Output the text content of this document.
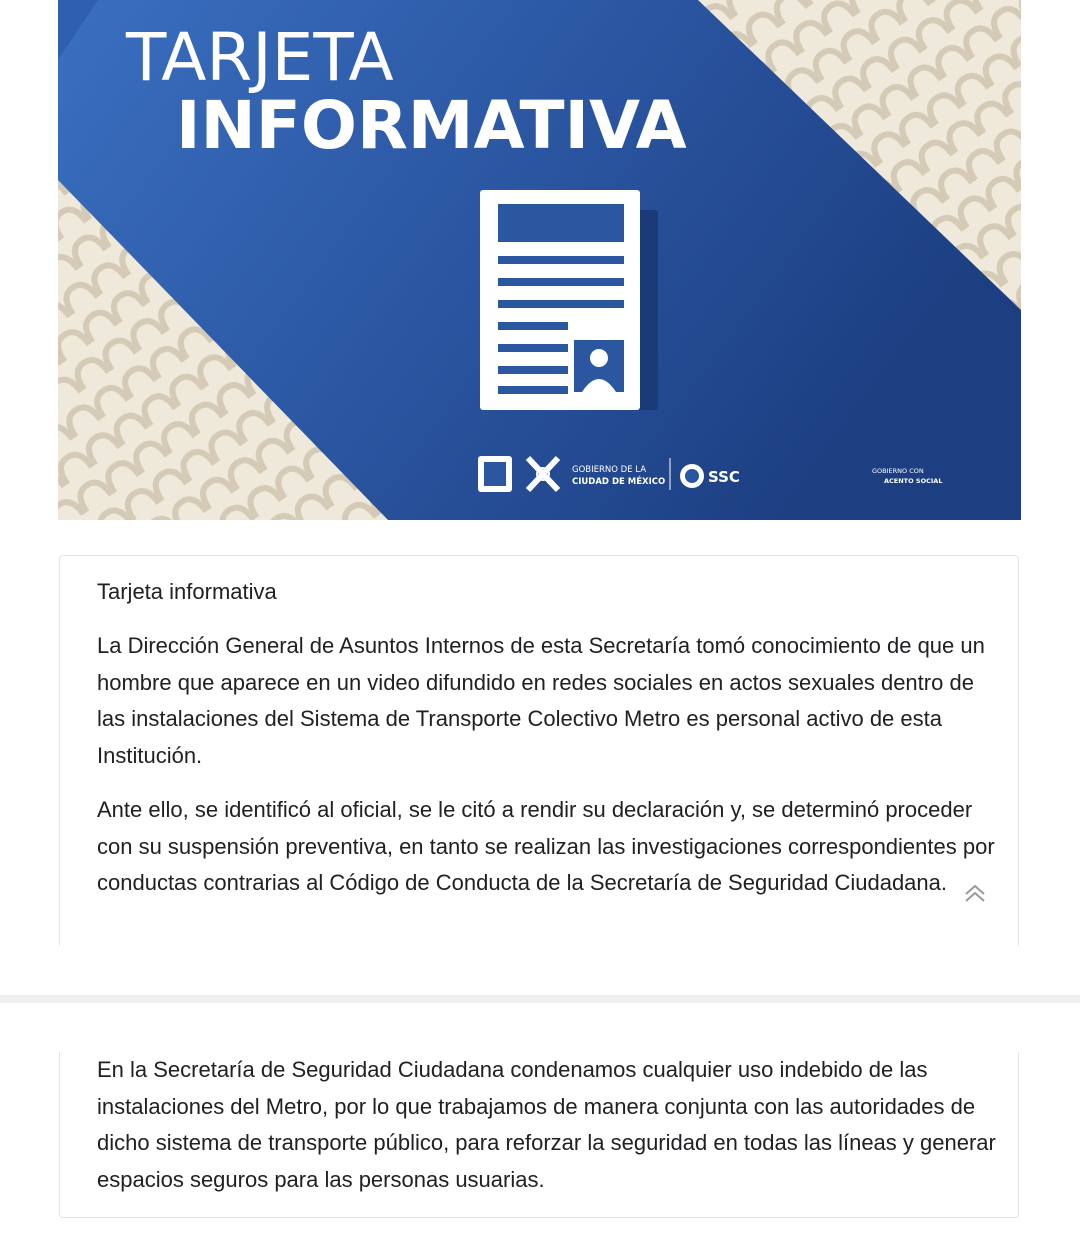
TARJETA
INFORMATIVA
GOBIERNO DE LA
CIUDAD DE MÉXICO	SSC	GOBIERNO CON
ACENTO SOCIAL
Tarjeta informativa

La Dirección General de Asuntos Internos de esta Secretaría tomó conocimiento de que un hombre que aparece en un video difundido en redes sociales en actos sexuales dentro de las instalaciones del Sistema de Transporte Colectivo Metro es personal activo de esta Institución.

Ante ello, se identificó al oficial, se le citó a rendir su declaración y, se determinó proceder con su suspensión preventiva, en tanto se realizan las investigaciones correspondientes por conductas contrarias al Código de Conducta de la Secretaría de Seguridad Ciudadana.

En la Secretaría de Seguridad Ciudadana condenamos cualquier uso indebido de las instalaciones del Metro, por lo que trabajamos de manera conjunta con las autoridades de dicho sistema de transporte público, para reforzar la seguridad en todas las líneas y generar espacios seguros para las personas usuarias.
